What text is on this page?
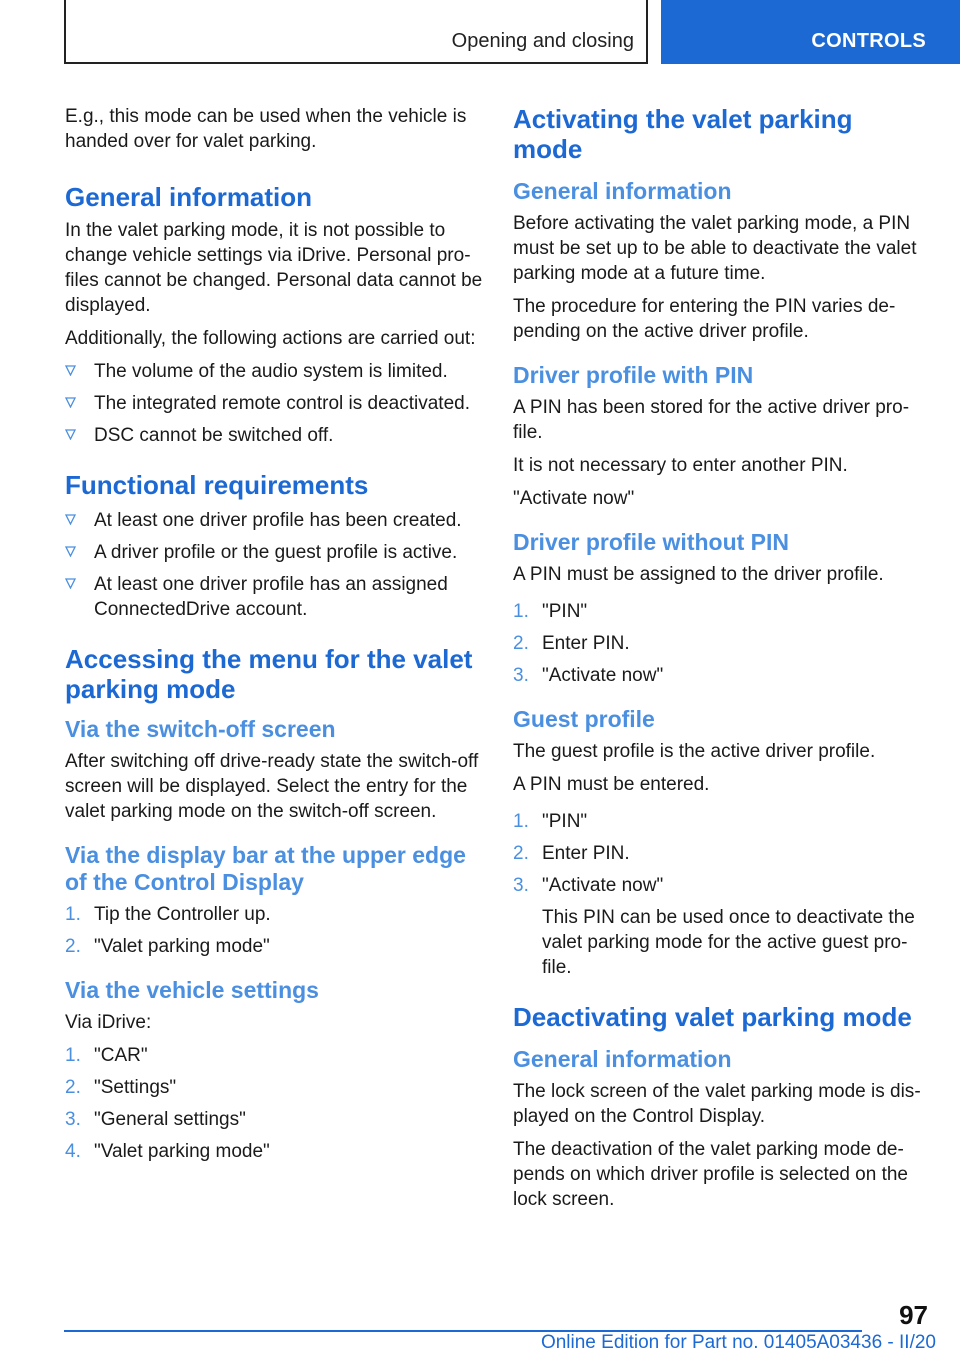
Opening and closing	CONTROLS

E.g., this mode can be used when the vehicle is handed over for valet parking.

General information

In the valet parking mode, it is not possible to change vehicle settings via iDrive. Personal profiles cannot be changed. Personal data cannot be displayed.

Additionally, the following actions are carried out:

The volume of the audio system is limited.
The integrated remote control is deactivated.
DSC cannot be switched off.
Functional requirements
At least one driver profile has been created.
A driver profile or the guest profile is active.
At least one driver profile has an assigned ConnectedDrive account.
Accessing the menu for the valet parking mode
Via the switch-off screen

After switching off drive-ready state the switch-off screen will be displayed. Select the entry for the valet parking mode on the switch-off screen.

Via the display bar at the upper edge of the Control Display
1. Tip the Controller up.
2. "Valet parking mode"
Via the vehicle settings

Via iDrive:

1. "CAR"
2. "Settings"
3. "General settings"
4. "Valet parking mode"
Activating the valet parking mode
General information

Before activating the valet parking mode, a PIN must be set up to be able to deactivate the valet parking mode at a future time.

The procedure for entering the PIN varies depending on the active driver profile.

Driver profile with PIN

A PIN has been stored for the active driver profile.

It is not necessary to enter another PIN.

"Activate now"

Driver profile without PIN

A PIN must be assigned to the driver profile.

1. "PIN"
2. Enter PIN.
3. "Activate now"
Guest profile

The guest profile is the active driver profile.

A PIN must be entered.

1. "PIN"
2. Enter PIN.
3. "Activate now"
This PIN can be used once to deactivate the valet parking mode for the active guest profile.
Deactivating valet parking mode
General information

The lock screen of the valet parking mode is displayed on the Control Display.

The deactivation of the valet parking mode depends on which driver profile is selected on the lock screen.

97
Online Edition for Part no. 01405A03436 - II/20
